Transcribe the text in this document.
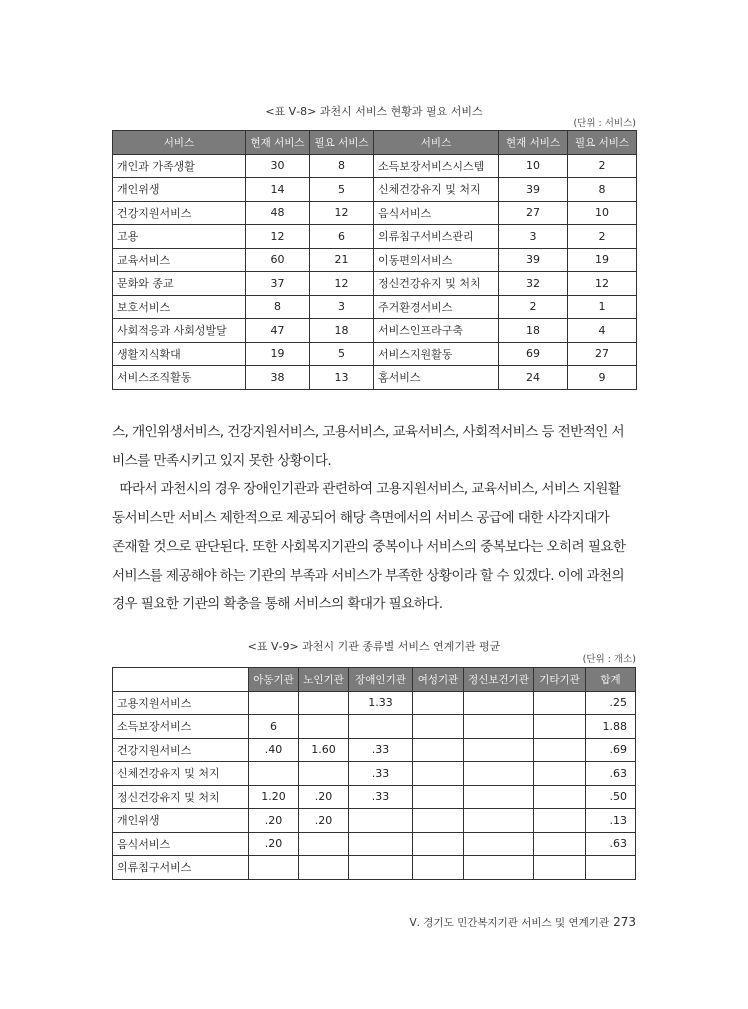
<표 Ⅴ-8> 과천시 서비스 현황과 필요 서비스
(단위 : 서비스)
서비스	현재 서비스	필요 서비스	서비스	현재 서비스	필요 서비스
개인과 가족생활	30	8	소득보장서비스시스템	10	2
개인위생	14	5	신체건강유지 및 처지	39	8
건강지원서비스	48	12	음식서비스	27	10
고용	12	6	의류침구서비스관리	3	2
교육서비스	60	21	이동편의서비스	39	19
문화와 종교	37	12	정신건강유지 및 처치	32	12
보호서비스	8	3	주거환경서비스	2	1
사회적응과 사회성발달	47	18	서비스인프라구축	18	4
생활지식확대	19	5	서비스지원활동	69	27
서비스조직활동	38	13	홈서비스	24	9

스, 개인위생서비스, 건강지원서비스, 고용서비스, 교육서비스, 사회적서비스 등 전반적인 서

비스를 만족시키고 있지 못한 상황이다.

따라서 과천시의 경우 장애인기관과 관련하여 고용지원서비스, 교육서비스, 서비스 지원활

동서비스만 서비스 제한적으로 제공되어 해당 측면에서의 서비스 공급에 대한 사각지대가

존재할 것으로 판단된다. 또한 사회복지기관의 중복이나 서비스의 중복보다는 오히려 필요한

서비스를 제공해야 하는 기관의 부족과 서비스가 부족한 상황이라 할 수 있겠다. 이에 과천의

경우 필요한 기관의 확충을 통해 서비스의 확대가 필요하다.

<표 Ⅴ-9> 과천시 기관 종류별 서비스 연계기관 평균
(단위 : 개소)
	아동기관	노인기관	장애인기관	여성기관	정신보건기관	기타기관	합계
고용지원서비스			1.33				.25
소득보장서비스	6						1.88
건강지원서비스	.40	1.60	.33				.69
신체건강유지 및 처지			.33				.63
정신건강유지 및 처치	1.20	.20	.33				.50
개인위생	.20	.20					.13
음식서비스	.20						.63
의류침구서비스							
Ⅴ. 경기도 민간복지기관 서비스 및 연계기관 273
